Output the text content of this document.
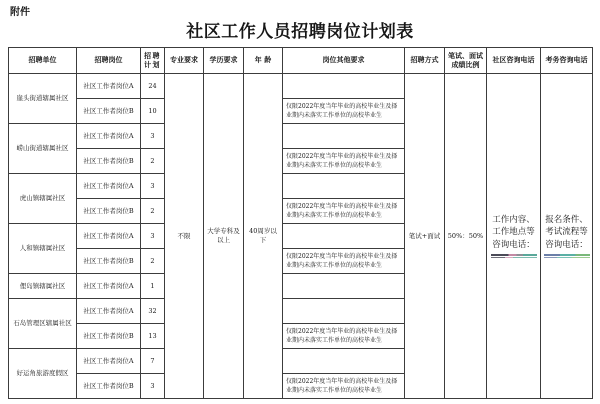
附件
社区工作人员招聘岗位计划表
招聘单位	招聘岗位	招聘计划	专业要求	学历要求	年 龄	岗位其他要求	招聘方式	笔试、面试成绩比例	社区咨询电话	考务咨询电话
崖头街道辖属社区	社区工作者岗位A	24	不限	大学专科及以上	40周岁以下		笔试+面试	50%：50%	工作内容、工作地点等咨询电话：	报名条件、考试流程等咨询电话：

	社区工作者岗位B	10				仅限2022年度当年毕业的高校毕业生及择业期内未落实工作单位的高校毕业生				
崂山街道辖属社区	社区工作者岗位A	3								
	社区工作者岗位B	2				仅限2022年度当年毕业的高校毕业生及择业期内未落实工作单位的高校毕业生				
虎山镇辖属社区	社区工作者岗位A	3								
	社区工作者岗位B	2				仅限2022年度当年毕业的高校毕业生及择业期内未落实工作单位的高校毕业生				
人和镇辖属社区	社区工作者岗位A	3								
	社区工作者岗位B	2				仅限2022年度当年毕业的高校毕业生及择业期内未落实工作单位的高校毕业生				
俚岛镇辖属社区	社区工作者岗位A	1								
石岛管理区辖属社区	社区工作者岗位A	32								
	社区工作者岗位B	13				仅限2022年度当年毕业的高校毕业生及择业期内未落实工作单位的高校毕业生				
好运角旅游度假区	社区工作者岗位A	7								
	社区工作者岗位B	3				仅限2022年度当年毕业的高校毕业生及择业期内未落实工作单位的高校毕业生				
